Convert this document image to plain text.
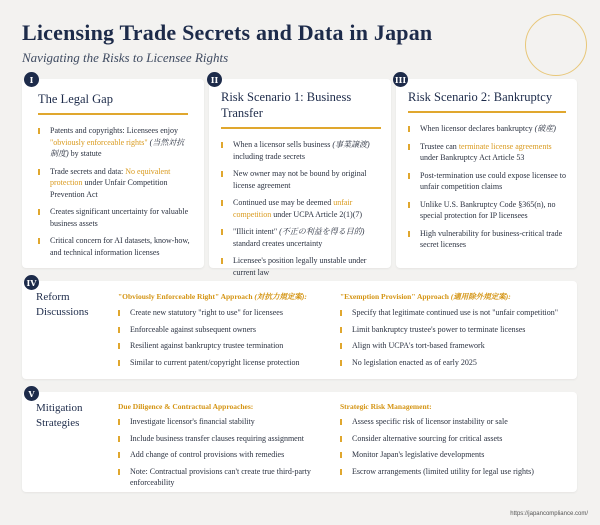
Licensing Trade Secrets and Data in Japan
Navigating the Risks to Licensee Rights
The Legal Gap
Patents and copyrights: Licensees enjoy "obviously enforceable rights" (当然対抗制度) by statute
Trade secrets and data: No equivalent protection under Unfair Competition Prevention Act
Creates significant uncertainty for valuable business assets
Critical concern for AI datasets, know-how, and technical information licenses
I
Risk Scenario 1: Business Transfer
When a licensor sells business (事業譲渡) including trade secrets
New owner may not be bound by original license agreement
Continued use may be deemed unfair competition under UCPA Article 2(1)(7)
"Illicit intent" (不正の利益を得る目的) standard creates uncertainty
Licensee's position legally unstable under current law
II
Risk Scenario 2: Bankruptcy
When licensor declares bankruptcy (破産)
Trustee can terminate license agreements under Bankruptcy Act Article 53
Post-termination use could expose licensee to unfair competition claims
Unlike U.S. Bankruptcy Code §365(n), no special protection for IP licensees
High vulnerability for business-critical trade secret licenses
III
Reform
Discussions
"Obviously Enforceable Right" Approach (対抗力規定案):
Create new statutory "right to use" for licensees
Enforceable against subsequent owners
Resilient against bankruptcy trustee termination
Similar to current patent/copyright license protection
"Exemption Provision" Approach (適用除外規定案):
Specify that legitimate continued use is not "unfair competition"
Limit bankruptcy trustee's power to terminate licenses
Align with UCPA's tort-based framework
No legislation enacted as of early 2025
IV
Mitigation
Strategies
Due Diligence & Contractual Approaches:
Investigate licensor's financial stability
Include business transfer clauses requiring assignment
Add change of control provisions with remedies
Note: Contractual provisions can't create true third-party enforceability
Strategic Risk Management:
Assess specific risk of licensor instability or sale
Consider alternative sourcing for critical assets
Monitor Japan's legislative developments
Escrow arrangements (limited utility for legal use rights)
V
https://japancompliance.com/
